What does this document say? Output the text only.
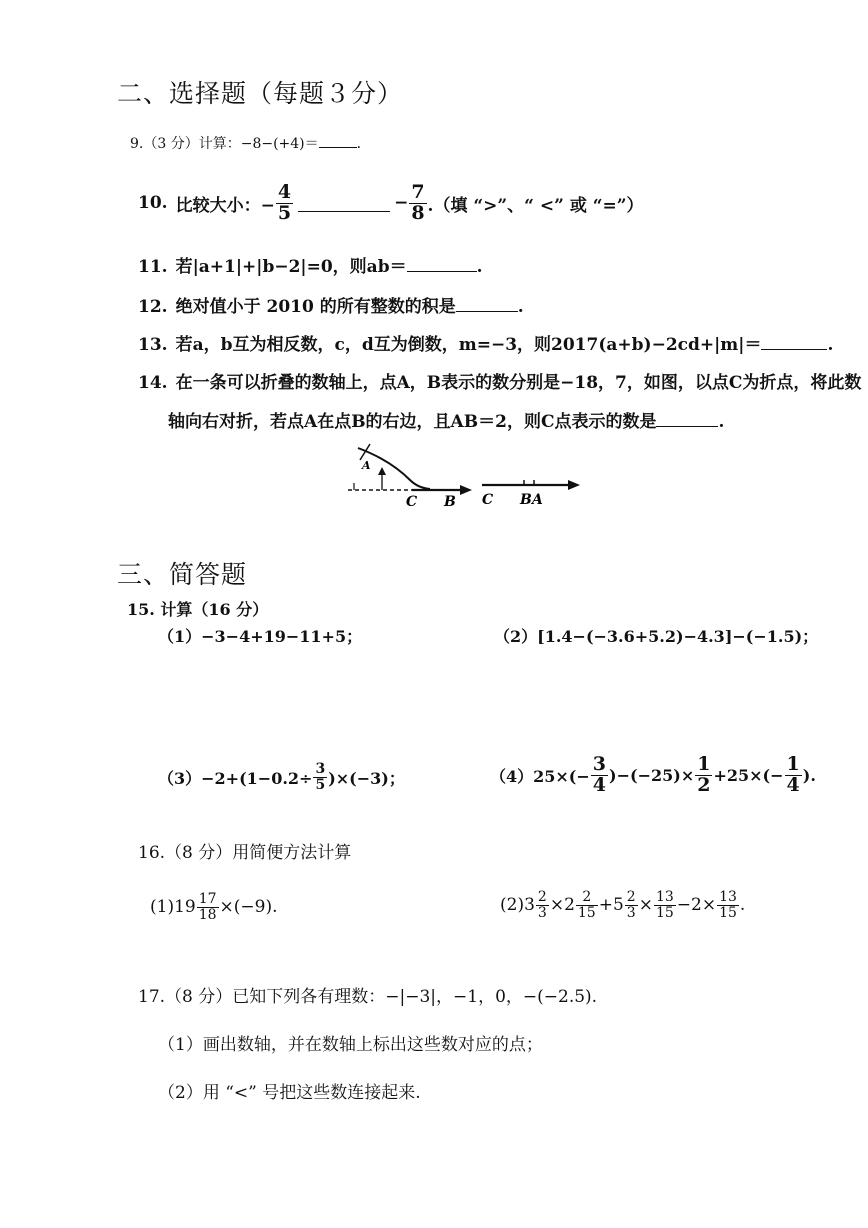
二、选择题（每题３分）
9.（3 分）计算：−8−(+4)＝	．
10. 比较大小：− $\frac{4}{5}$	− $\frac{7}{8}$ .（填 “>”、“ <” 或 “=”）
11. 若|a+1|+|b−2|=0，则ab＝	.
12. 绝对值小于 2010 的所有整数的积是	.
13. 若a，b互为相反数，c，d互为倒数，m=−3，则2017(a+b)−2cd+|m|＝	.
14. 在一条可以折叠的数轴上，点A，B表示的数分别是−18，7，如图，以点C为折点，将此数
轴向右对折，若点A在点B的右边，且AB＝2，则C点表示的数是	.
A
C B C B A
三、简答题
15. 计算（16 分）
（1）−3−4+19−11+5；	（2）[1.4−(−3.6+5.2)−4.3]−(−1.5)；
$(3)-2+(1-0.2\div \frac{3}{5} )\times(-3)$；	$(4)25\times(- \frac{3}{4} )-(-25)\times \frac{1}{2} +25\times(- \frac{1}{4}$ ).
16.（8 分）用简便方法计算
$(1)19 \frac{17}{18} \times(-9)$.	$(2)3 \frac{2}{3} \times 2 \frac{2}{15} +5 \frac{2}{3} \times \frac{13}{15} -2\times \frac{13}{15}$ .
17.（8 分）已知下列各有理数：−|−3|，−1，0，−(−2.5).
（1）画出数轴，并在数轴上标出这些数对应的点；
（2）用 “<” 号把这些数连接起来.
